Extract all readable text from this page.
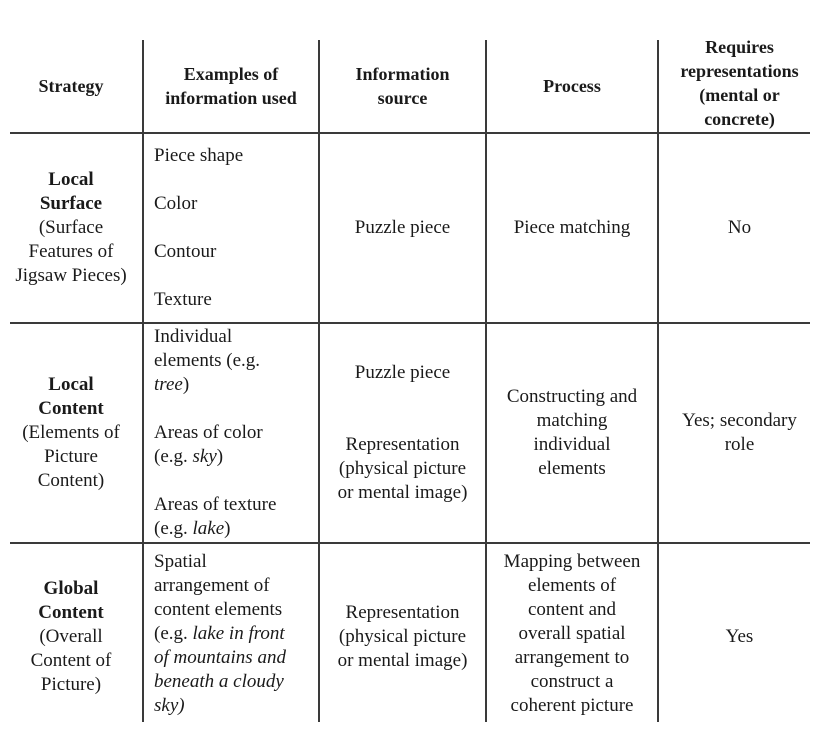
Strategy
Examples of
information used
Information
source
Process
Requires
representations
(mental or
concrete)
Local
Surface
(Surface
Features of
Jigsaw Pieces)
Piece shape
Color
Contour
Texture
Puzzle piece	Piece matching	No
Local
Content
(Elements of
Picture
Content)
Individual
elements (e.g.
tree)
Areas of color
(e.g. sky)
Areas of texture
(e.g. lake)
Puzzle piece
Representation
(physical picture
or mental image)
Constructing and
matching
individual
elements
Yes; secondary
role
Global
Content
(Overall
Content of
Picture)
Spatial
arrangement of
content elements
(e.g. lake in front
of mountains and
beneath a cloudy
sky)
Representation
(physical picture
or mental image)
Mapping between
elements of
content and
overall spatial
arrangement to
construct a
coherent picture
Yes
